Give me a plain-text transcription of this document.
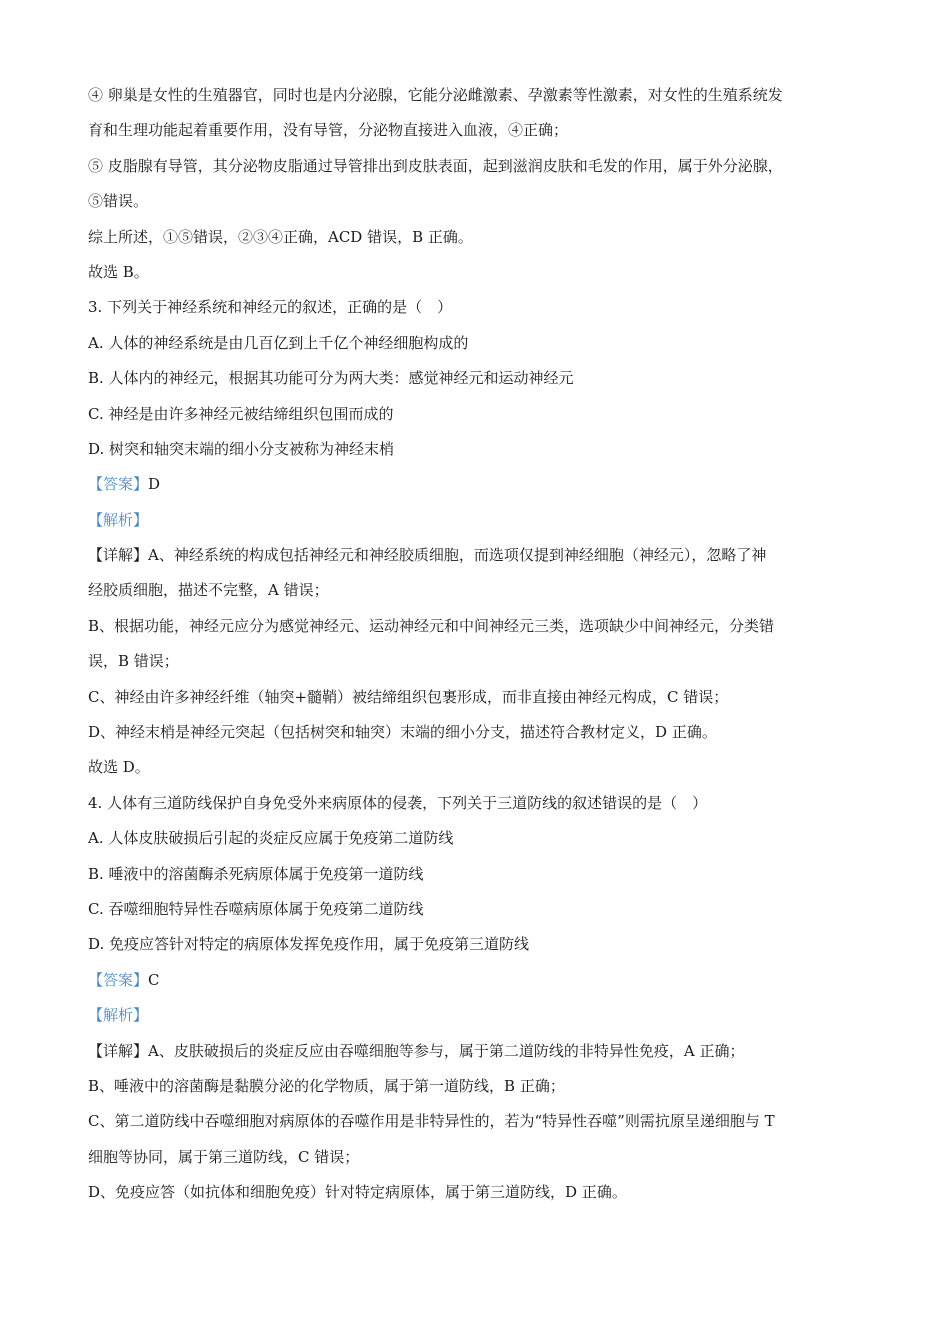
④ 卵巢是女性的生殖器官，同时也是内分泌腺，它能分泌雌激素、孕激素等性激素，对女性的生殖系统发
育和生理功能起着重要作用，没有导管，分泌物直接进入血液，④正确；
⑤ 皮脂腺有导管，其分泌物皮脂通过导管排出到皮肤表面，起到滋润皮肤和毛发的作用，属于外分泌腺，
⑤错误。
综上所述，①⑤错误，②③④正确，ACD 错误，B 正确。
故选 B。
3. 下列关于神经系统和神经元的叙述，正确的是（　）
A. 人体的神经系统是由几百亿到上千亿个神经细胞构成的
B. 人体内的神经元，根据其功能可分为两大类：感觉神经元和运动神经元
C. 神经是由许多神经元被结缔组织包围而成的
D. 树突和轴突末端的细小分支被称为神经末梢
【答案】D
【解析】
【详解】A、神经系统的构成包括神经元和神经胶质细胞，而选项仅提到神经细胞（神经元），忽略了神
经胶质细胞，描述不完整，A 错误；
B、根据功能，神经元应分为感觉神经元、运动神经元和中间神经元三类，选项缺少中间神经元，分类错
误，B 错误；
C、神经由许多神经纤维（轴突+髓鞘）被结缔组织包裹形成，而非直接由神经元构成，C 错误；
D、神经末梢是神经元突起（包括树突和轴突）末端的细小分支，描述符合教材定义，D 正确。
故选 D。
4. 人体有三道防线保护自身免受外来病原体的侵袭，下列关于三道防线的叙述错误的是（　）
A. 人体皮肤破损后引起的炎症反应属于免疫第二道防线
B. 唾液中的溶菌酶杀死病原体属于免疫第一道防线
C. 吞噬细胞特异性吞噬病原体属于免疫第二道防线
D. 免疫应答针对特定的病原体发挥免疫作用，属于免疫第三道防线
【答案】C
【解析】
【详解】A、皮肤破损后的炎症反应由吞噬细胞等参与，属于第二道防线的非特异性免疫，A 正确；
B、唾液中的溶菌酶是黏膜分泌的化学物质，属于第一道防线，B 正确；
C、第二道防线中吞噬细胞对病原体的吞噬作用是非特异性的，若为“特异性吞噬”则需抗原呈递细胞与 T
细胞等协同，属于第三道防线，C 错误；
D、免疫应答（如抗体和细胞免疫）针对特定病原体，属于第三道防线，D 正确。
